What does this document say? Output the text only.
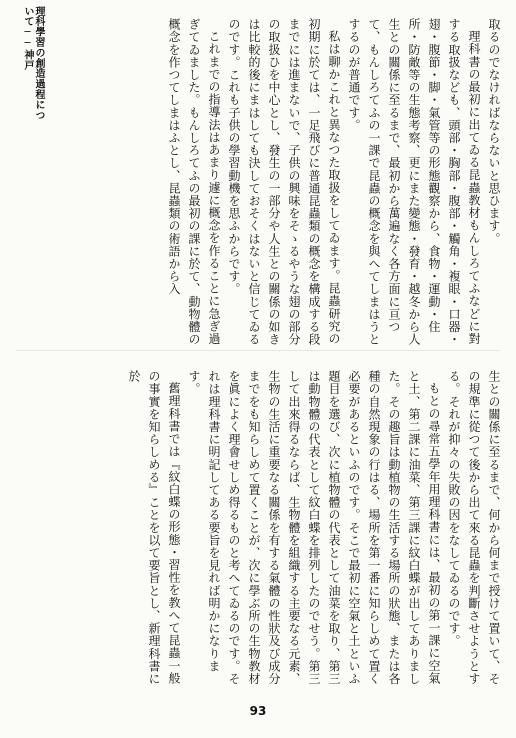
理科學習の創造過程について──神戸	取るのでなければならないと思ひます。

理科書の最初に出てゐる昆蟲教材もんしろてふなどに對する取扱なども、頭部・胸部・腹部・觸角・複眼・口器・翅・腹節・脚・氣管等の形態觀察から、食物・運動・住所・防敵等の生態考察、更にまた變態・發育・越冬から人生との關係に至るまで、最初から萬遍なく各方面に亘つて、もんしろてふの一課で昆蟲の概念を與へてしまはうとするのが普通です。

私は聊かこれと異なつた取扱をしてゐます。昆蟲研究の初期に於ては、一足飛びに普通昆蟲類の概念を構成する段までには進まないで、子供の興味をそゝるやうな翅の部分の取扱ひを中心とし、發生の一部分や人生との關係の如きは比較的後にまはしても決しておそくはないと信じてゐるのです。これも子供の學習動機を思ふからです。

これまでの指導法はあまり遽に概念を作ることに急ぎ過ぎてゐました。もんしろてふの最初の課に於て、動物體の概念を作つてしまはふとし、昆蟲類の術語から入

生との關係に至るまで、何から何まで授けて置いて、その規準に從つて後から出て來る昆蟲を判斷させようとする。それが抑々の失敗の因をなしてゐるのです。

もとの尋常五學年用理科書には、最初の第一課に空氣と土、第二課に油菜、第三課に紋白蝶が出してありました。その趣旨は動植物の生活する場所の狀態、または各種の自然現象の行はる、場所を第一番に知らしめて置く必要があるといふのです。そこで最初に空氣と土といふ題目を選び、次に植物體の代表として油菜を取り、第三は動物體の代表として紋白蝶を排列したのでせう。第三して出來得るならば、生物體を組織する主要なる元素、生物の生活に重要なる關係を有する氣體の性狀及び成分までをも知らしめて置くことが、次に學ぶ所の生物教材を眞によく理會せしめ得るものと考へてゐるのです。それは理科書に明記してある要旨を見れば明かになります。

舊理科書では『紋白蝶の形態・習性を教へて昆蟲一般の事實を知らしめる』ことを以て要旨とし、新理科書に於

93
